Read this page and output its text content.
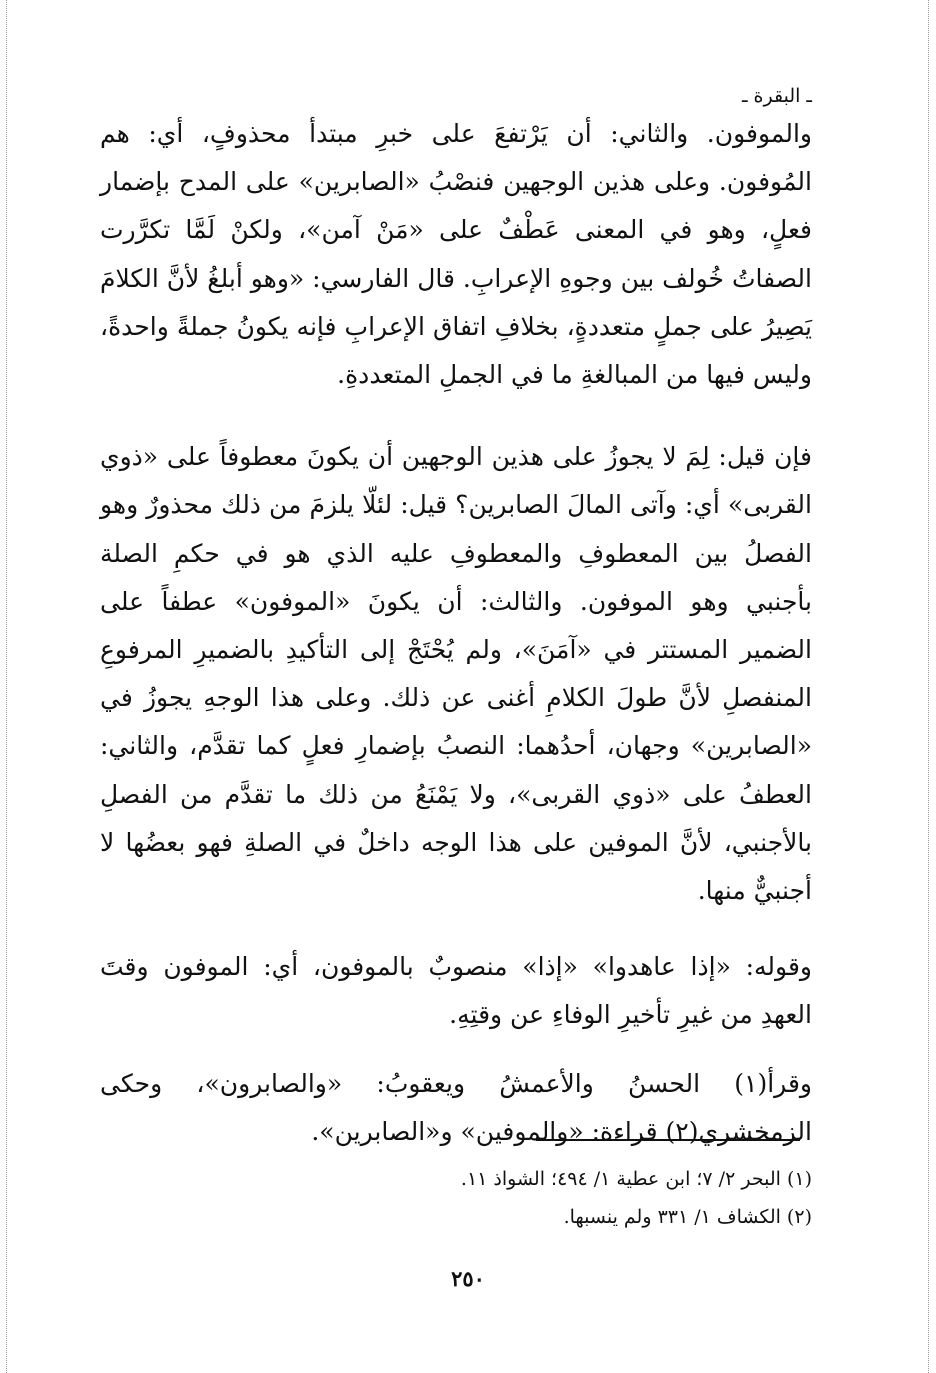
ـ البقرة ـ

والموفون. والثاني: أن يَرْتفعَ على خبرِ مبتدأ محذوفٍ، أي: هم المُوفون. وعلى هذين الوجهين فنصْبُ «الصابرين» على المدح بإضمار فعلٍ، وهو في المعنى عَطْفٌ على «مَنْ آمن»، ولكنْ لَمَّا تكرَّرت الصفاتُ خُولف بين وجوهِ الإعرابِ. قال الفارسي: «وهو أبلغُ لأنَّ الكلامَ يَصِيرُ على جملٍ متعددةٍ، بخلافِ اتفاق الإعرابِ فإنه يكونُ جملةً واحدةً، وليس فيها من المبالغةِ ما في الجملِ المتعددةِ.

فإن قيل: لِمَ لا يجوزُ على هذين الوجهين أن يكونَ معطوفاً على «ذوي القربى» أي: وآتى المالَ الصابرين؟ قيل: لئلّا يلزمَ من ذلك محذورٌ وهو الفصلُ بين المعطوفِ والمعطوفِ عليه الذي هو في حكمِ الصلة بأجنبي وهو الموفون. والثالث: أن يكونَ «الموفون» عطفاً على الضمير المستتر في «آمَنَ»، ولم يُحْتَجْ إلى التأكيدِ بالضميرِ المرفوعِ المنفصلِ لأنَّ طولَ الكلامِ أغنى عن ذلك. وعلى هذا الوجهِ يجوزُ في «الصابرين» وجهان، أحدُهما: النصبُ بإضمارِ فعلٍ كما تقدَّم، والثاني: العطفُ على «ذوي القربى»، ولا يَمْنَعُ من ذلك ما تقدَّم من الفصلِ بالأجنبي، لأنَّ الموفين على هذا الوجه داخلٌ في الصلةِ فهو بعضُها لا أجنبيٌّ منها.

وقوله: «إذا عاهدوا» «إذا» منصوبٌ بالموفون، أي: الموفون وقتَ العهدِ من غيرِ تأخيرِ الوفاءِ عن وقتِهِ.

وقرأ(١) الحسنُ والأعمشُ ويعقوبُ: «والصابرون»، وحكى الزمخشري(٢) قراءة: «والموفين» و«الصابرين».

(١) البحر ٢/ ٧؛ ابن عطية ١/ ٤٩٤؛ الشواذ ١١.

(٢) الكشاف ١/ ٣٣١ ولم ينسبها.

٢٥٠
